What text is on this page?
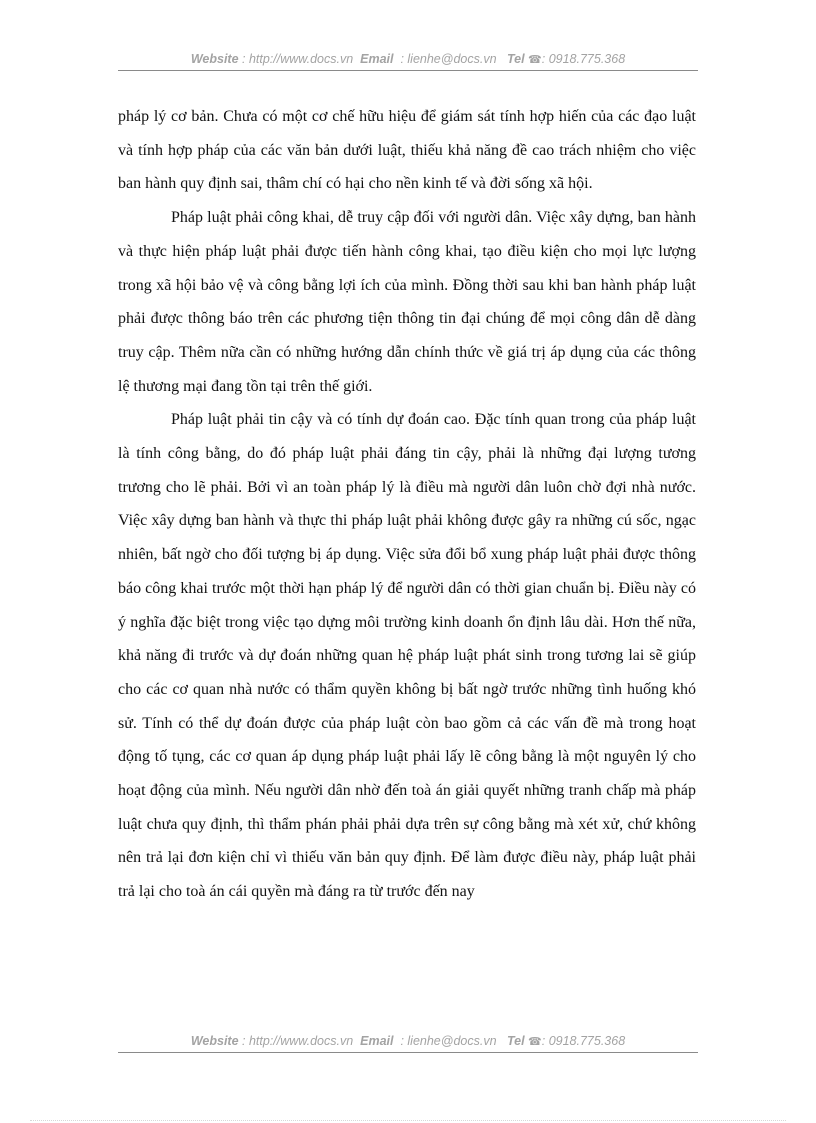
Website : http://www.docs.vn Email : lienhe@docs.vn Tel ☎: 0918.775.368

pháp lý cơ bản. Chưa có một cơ chế hữu hiệu để giám sát tính hợp hiến của các đạo luật và tính hợp pháp của các văn bản dưới luật, thiếu khả năng đề cao trách nhiệm cho việc ban hành quy định sai, thâm chí có hại cho nền kinh tế và đời sống xã hội.

Pháp luật phải công khai, dễ truy cập đối với người dân. Việc xây dựng, ban hành và thực hiện pháp luật phải được tiến hành công khai, tạo điều kiện cho mọi lực lượng trong xã hội bảo vệ và công bằng lợi ích của mình. Đồng thời sau khi ban hành pháp luật phải được thông báo trên các phương tiện thông tin đại chúng để mọi công dân dễ dàng truy cập. Thêm nữa cần có những hướng dẫn chính thức về giá trị áp dụng của các thông lệ thương mại đang tồn tại trên thế giới.

Pháp luật phải tin cậy và có tính dự đoán cao. Đặc tính quan trong của pháp luật là tính công bằng, do đó pháp luật phải đáng tin cậy, phải là những đại lượng tương trương cho lẽ phải. Bởi vì an toàn pháp lý là điều mà người dân luôn chờ đợi nhà nước. Việc xây dựng ban hành và thực thi pháp luật phải không được gây ra những cú sốc, ngạc nhiên, bất ngờ cho đối tượng bị áp dụng. Việc sửa đổi bổ xung pháp luật phải được thông báo công khai trước một thời hạn pháp lý để người dân có thời gian chuẩn bị. Điều này có ý nghĩa đặc biệt trong việc tạo dựng môi trường kinh doanh ổn định lâu dài. Hơn thế nữa, khả năng đi trước và dự đoán những quan hệ pháp luật phát sinh trong tương lai sẽ giúp cho các cơ quan nhà nước có thẩm quyền không bị bất ngờ trước những tình huống khó sử. Tính có thể dự đoán được của pháp luật còn bao gồm cả các vấn đề mà trong hoạt động tố tụng, các cơ quan áp dụng pháp luật phải lấy lẽ công bằng là một nguyên lý cho hoạt động của mình. Nếu người dân nhờ đến toà án giải quyết những tranh chấp mà pháp luật chưa quy định, thì thẩm phán phải phải dựa trên sự công bằng mà xét xử, chứ không nên trả lại đơn kiện chỉ vì thiếu văn bản quy định. Để làm được điều này, pháp luật phải trả lại cho toà án cái quyền mà đáng ra từ trước đến nay

Website : http://www.docs.vn Email : lienhe@docs.vn Tel ☎: 0918.775.368
